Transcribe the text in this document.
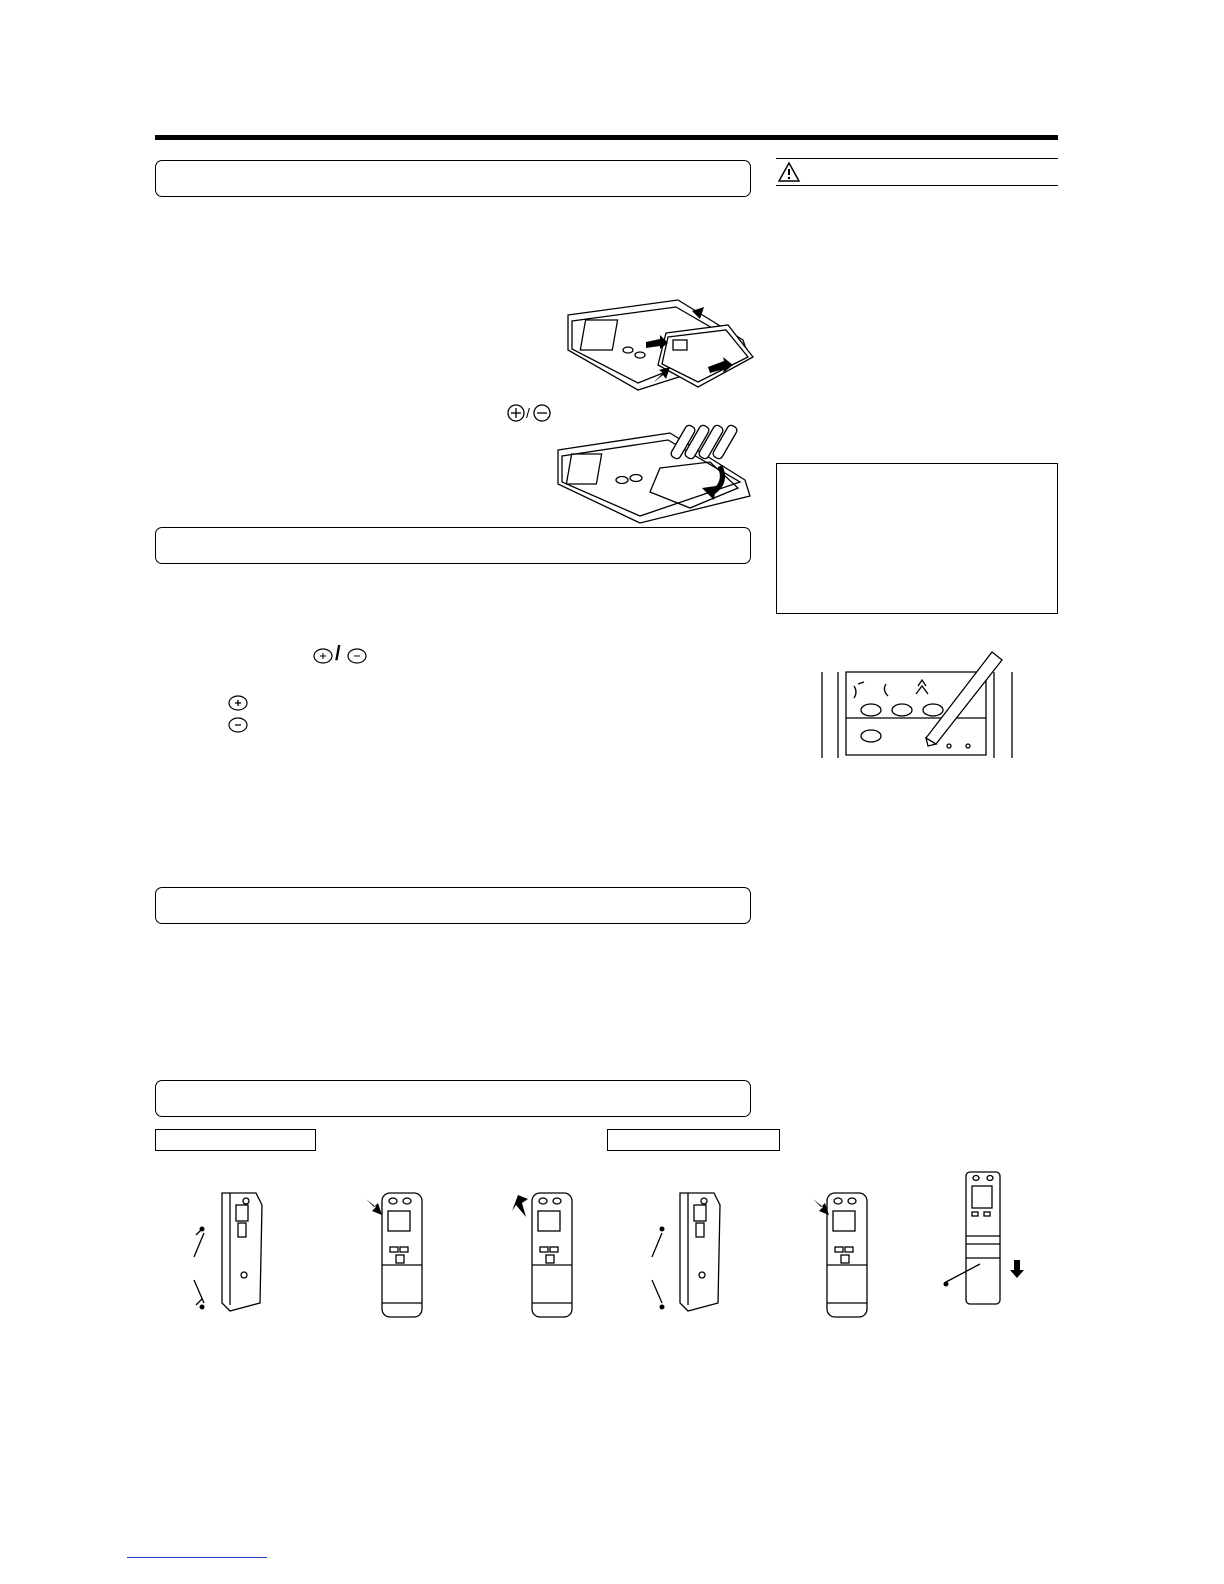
/
/
